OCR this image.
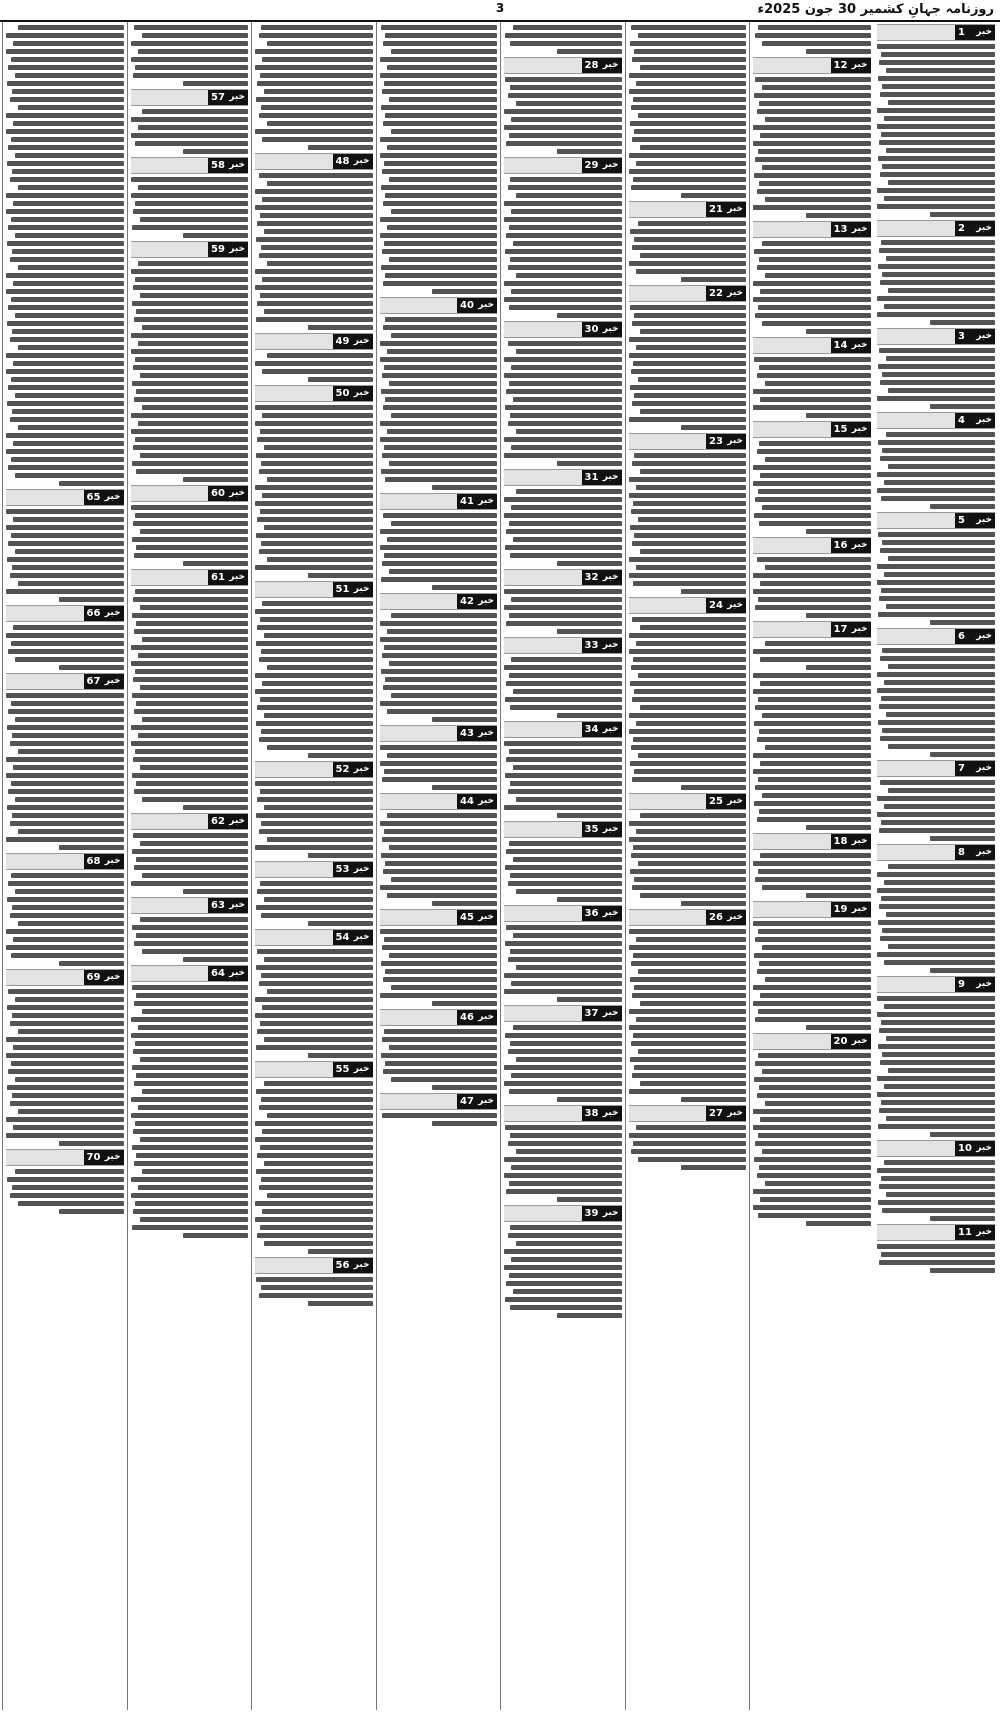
3	روزنامہ جہانِ کشمیر 30 جون 2025ء
1 خبر
2 خبر
3 خبر
4 خبر
5 خبر
6 خبر
7 خبر
8 خبر
9 خبر
10 خبر
11 خبر
12 خبر
13 خبر
14 خبر
15 خبر
16 خبر
17 خبر
18 خبر
19 خبر
20 خبر
21 خبر
22 خبر
23 خبر
24 خبر
25 خبر
26 خبر
27 خبر
28 خبر
29 خبر
30 خبر
31 خبر
32 خبر
33 خبر
34 خبر
35 خبر
36 خبر
37 خبر
38 خبر
39 خبر
40 خبر
41 خبر
42 خبر
43 خبر
44 خبر
45 خبر
46 خبر
47 خبر
48 خبر
49 خبر
50 خبر
51 خبر
52 خبر
53 خبر
54 خبر
55 خبر
56 خبر
57 خبر
58 خبر
59 خبر
60 خبر
61 خبر
62 خبر
63 خبر
64 خبر
65 خبر
66 خبر
67 خبر
68 خبر
69 خبر
70 خبر
